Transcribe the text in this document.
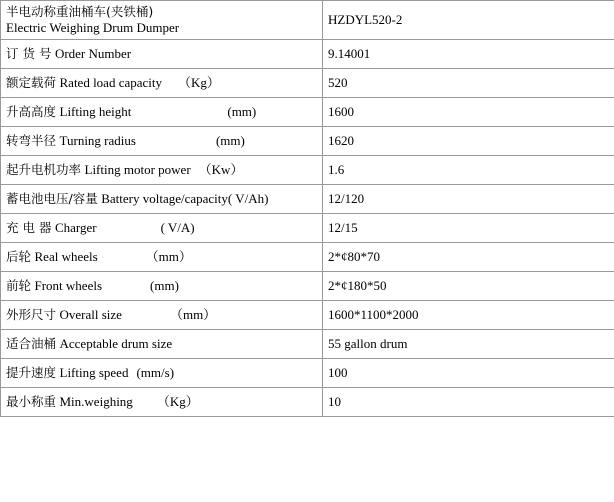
半电动称重油桶车(夹铁桶)
Electric Weighing Drum Dumper	HZDYL520-2

订 货 号 Order Number	9.14001

额定载荷 Rated load capacity （Kg）	520

升高高度 Lifting height (mm)	1600

转弯半径 Turning radius (mm)	1620

起升电机功率 Lifting motor power （Kw）	1.6

蓄电池电压/容量 Battery voltage/capacity( V/Ah)	12/120

充 电 器 Charger ( V/A)	12/15

后轮 Real wheels （mm）	2*¢80*70

前轮 Front wheels (mm)	2*¢180*50

外形尺寸 Overall size （mm）	1600*1100*2000

适合油桶 Acceptable drum size	55 gallon drum

提升速度 Lifting speed (mm/s)	100

最小称重 Min.weighing （Kg）	10
